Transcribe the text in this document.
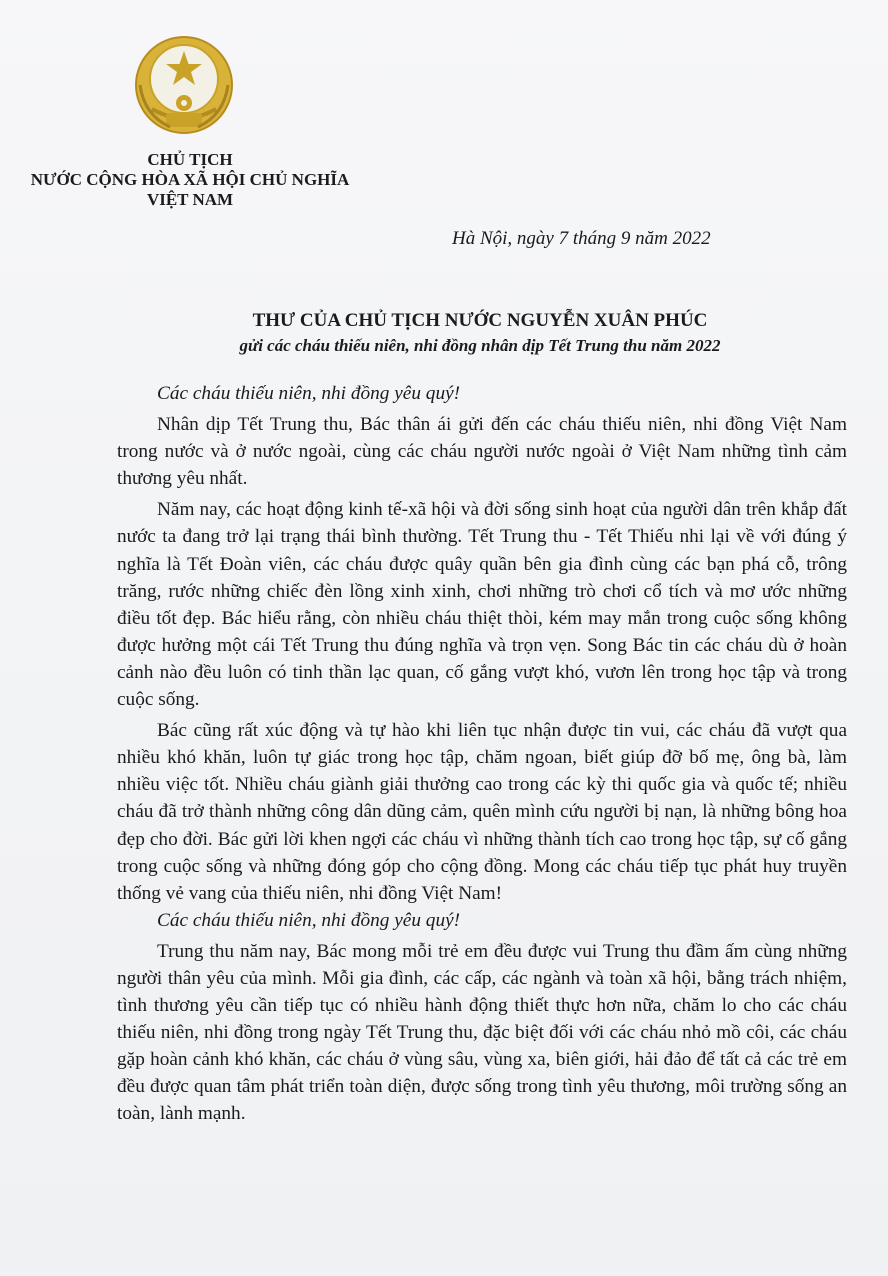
CHỦ TỊCH
NƯỚC CỘNG HÒA XÃ HỘI CHỦ NGHĨA
VIỆT NAM
Hà Nội, ngày 7 tháng 9 năm 2022
THƯ CỦA CHỦ TỊCH NƯỚC NGUYỄN XUÂN PHÚC
gửi các cháu thiếu niên, nhi đồng nhân dịp Tết Trung thu năm 2022

Các cháu thiếu niên, nhi đồng yêu quý!

Nhân dịp Tết Trung thu, Bác thân ái gửi đến các cháu thiếu niên, nhi đồng Việt Nam trong nước và ở nước ngoài, cùng các cháu người nước ngoài ở Việt Nam những tình cảm thương yêu nhất.

Năm nay, các hoạt động kinh tế-xã hội và đời sống sinh hoạt của người dân trên khắp đất nước ta đang trở lại trạng thái bình thường. Tết Trung thu - Tết Thiếu nhi lại về với đúng ý nghĩa là Tết Đoàn viên, các cháu được quây quần bên gia đình cùng các bạn phá cỗ, trông trăng, rước những chiếc đèn lồng xinh xinh, chơi những trò chơi cổ tích và mơ ước những điều tốt đẹp. Bác hiểu rằng, còn nhiều cháu thiệt thòi, kém may mắn trong cuộc sống không được hưởng một cái Tết Trung thu đúng nghĩa và trọn vẹn. Song Bác tin các cháu dù ở hoàn cảnh nào đều luôn có tinh thần lạc quan, cố gắng vượt khó, vươn lên trong học tập và trong cuộc sống.

Bác cũng rất xúc động và tự hào khi liên tục nhận được tin vui, các cháu đã vượt qua nhiều khó khăn, luôn tự giác trong học tập, chăm ngoan, biết giúp đỡ bố mẹ, ông bà, làm nhiều việc tốt. Nhiều cháu giành giải thưởng cao trong các kỳ thi quốc gia và quốc tế; nhiều cháu đã trở thành những công dân dũng cảm, quên mình cứu người bị nạn, là những bông hoa đẹp cho đời. Bác gửi lời khen ngợi các cháu vì những thành tích cao trong học tập, sự cố gắng trong cuộc sống và những đóng góp cho cộng đồng. Mong các cháu tiếp tục phát huy truyền thống vẻ vang của thiếu niên, nhi đồng Việt Nam!

Các cháu thiếu niên, nhi đồng yêu quý!

Trung thu năm nay, Bác mong mỗi trẻ em đều được vui Trung thu đầm ấm cùng những người thân yêu của mình. Mỗi gia đình, các cấp, các ngành và toàn xã hội, bằng trách nhiệm, tình thương yêu cần tiếp tục có nhiều hành động thiết thực hơn nữa, chăm lo cho các cháu thiếu niên, nhi đồng trong ngày Tết Trung thu, đặc biệt đối với các cháu nhỏ mồ côi, các cháu gặp hoàn cảnh khó khăn, các cháu ở vùng sâu, vùng xa, biên giới, hải đảo để tất cả các trẻ em đều được quan tâm phát triển toàn diện, được sống trong tình yêu thương, môi trường sống an toàn, lành mạnh.
